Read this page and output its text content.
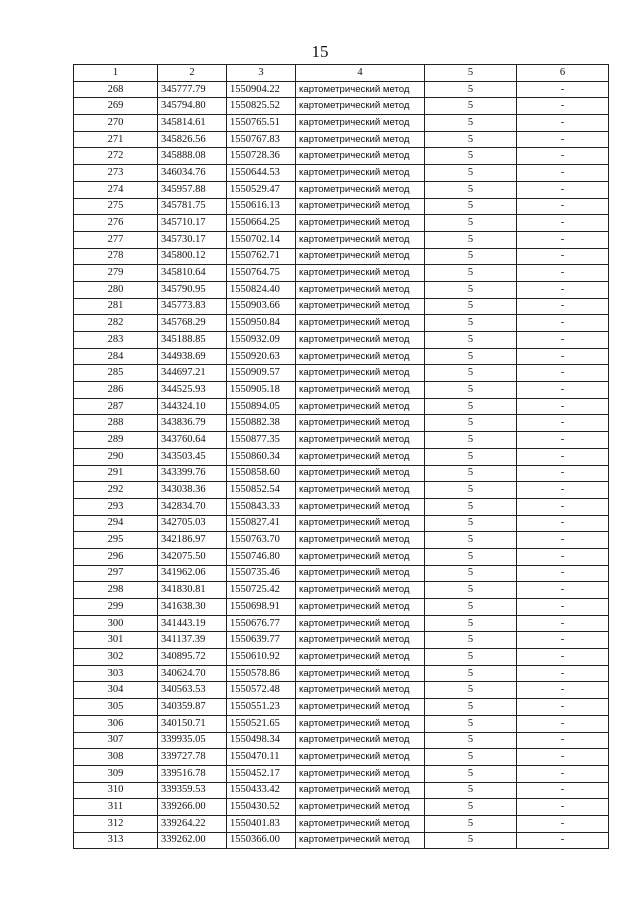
15
1	2	3	4	5	6
268	345777.79	1550904.22	картометрический метод	5	-
269	345794.80	1550825.52	картометрический метод	5	-
270	345814.61	1550765.51	картометрический метод	5	-
271	345826.56	1550767.83	картометрический метод	5	-
272	345888.08	1550728.36	картометрический метод	5	-
273	346034.76	1550644.53	картометрический метод	5	-
274	345957.88	1550529.47	картометрический метод	5	-
275	345781.75	1550616.13	картометрический метод	5	-
276	345710.17	1550664.25	картометрический метод	5	-
277	345730.17	1550702.14	картометрический метод	5	-
278	345800.12	1550762.71	картометрический метод	5	-
279	345810.64	1550764.75	картометрический метод	5	-
280	345790.95	1550824.40	картометрический метод	5	-
281	345773.83	1550903.66	картометрический метод	5	-
282	345768.29	1550950.84	картометрический метод	5	-
283	345188.85	1550932.09	картометрический метод	5	-
284	344938.69	1550920.63	картометрический метод	5	-
285	344697.21	1550909.57	картометрический метод	5	-
286	344525.93	1550905.18	картометрический метод	5	-
287	344324.10	1550894.05	картометрический метод	5	-
288	343836.79	1550882.38	картометрический метод	5	-
289	343760.64	1550877.35	картометрический метод	5	-
290	343503.45	1550860.34	картометрический метод	5	-
291	343399.76	1550858.60	картометрический метод	5	-
292	343038.36	1550852.54	картометрический метод	5	-
293	342834.70	1550843.33	картометрический метод	5	-
294	342705.03	1550827.41	картометрический метод	5	-
295	342186.97	1550763.70	картометрический метод	5	-
296	342075.50	1550746.80	картометрический метод	5	-
297	341962.06	1550735.46	картометрический метод	5	-
298	341830.81	1550725.42	картометрический метод	5	-
299	341638.30	1550698.91	картометрический метод	5	-
300	341443.19	1550676.77	картометрический метод	5	-
301	341137.39	1550639.77	картометрический метод	5	-
302	340895.72	1550610.92	картометрический метод	5	-
303	340624.70	1550578.86	картометрический метод	5	-
304	340563.53	1550572.48	картометрический метод	5	-
305	340359.87	1550551.23	картометрический метод	5	-
306	340150.71	1550521.65	картометрический метод	5	-
307	339935.05	1550498.34	картометрический метод	5	-
308	339727.78	1550470.11	картометрический метод	5	-
309	339516.78	1550452.17	картометрический метод	5	-
310	339359.53	1550433.42	картометрический метод	5	-
311	339266.00	1550430.52	картометрический метод	5	-
312	339264.22	1550401.83	картометрический метод	5	-
313	339262.00	1550366.00	картометрический метод	5	-
